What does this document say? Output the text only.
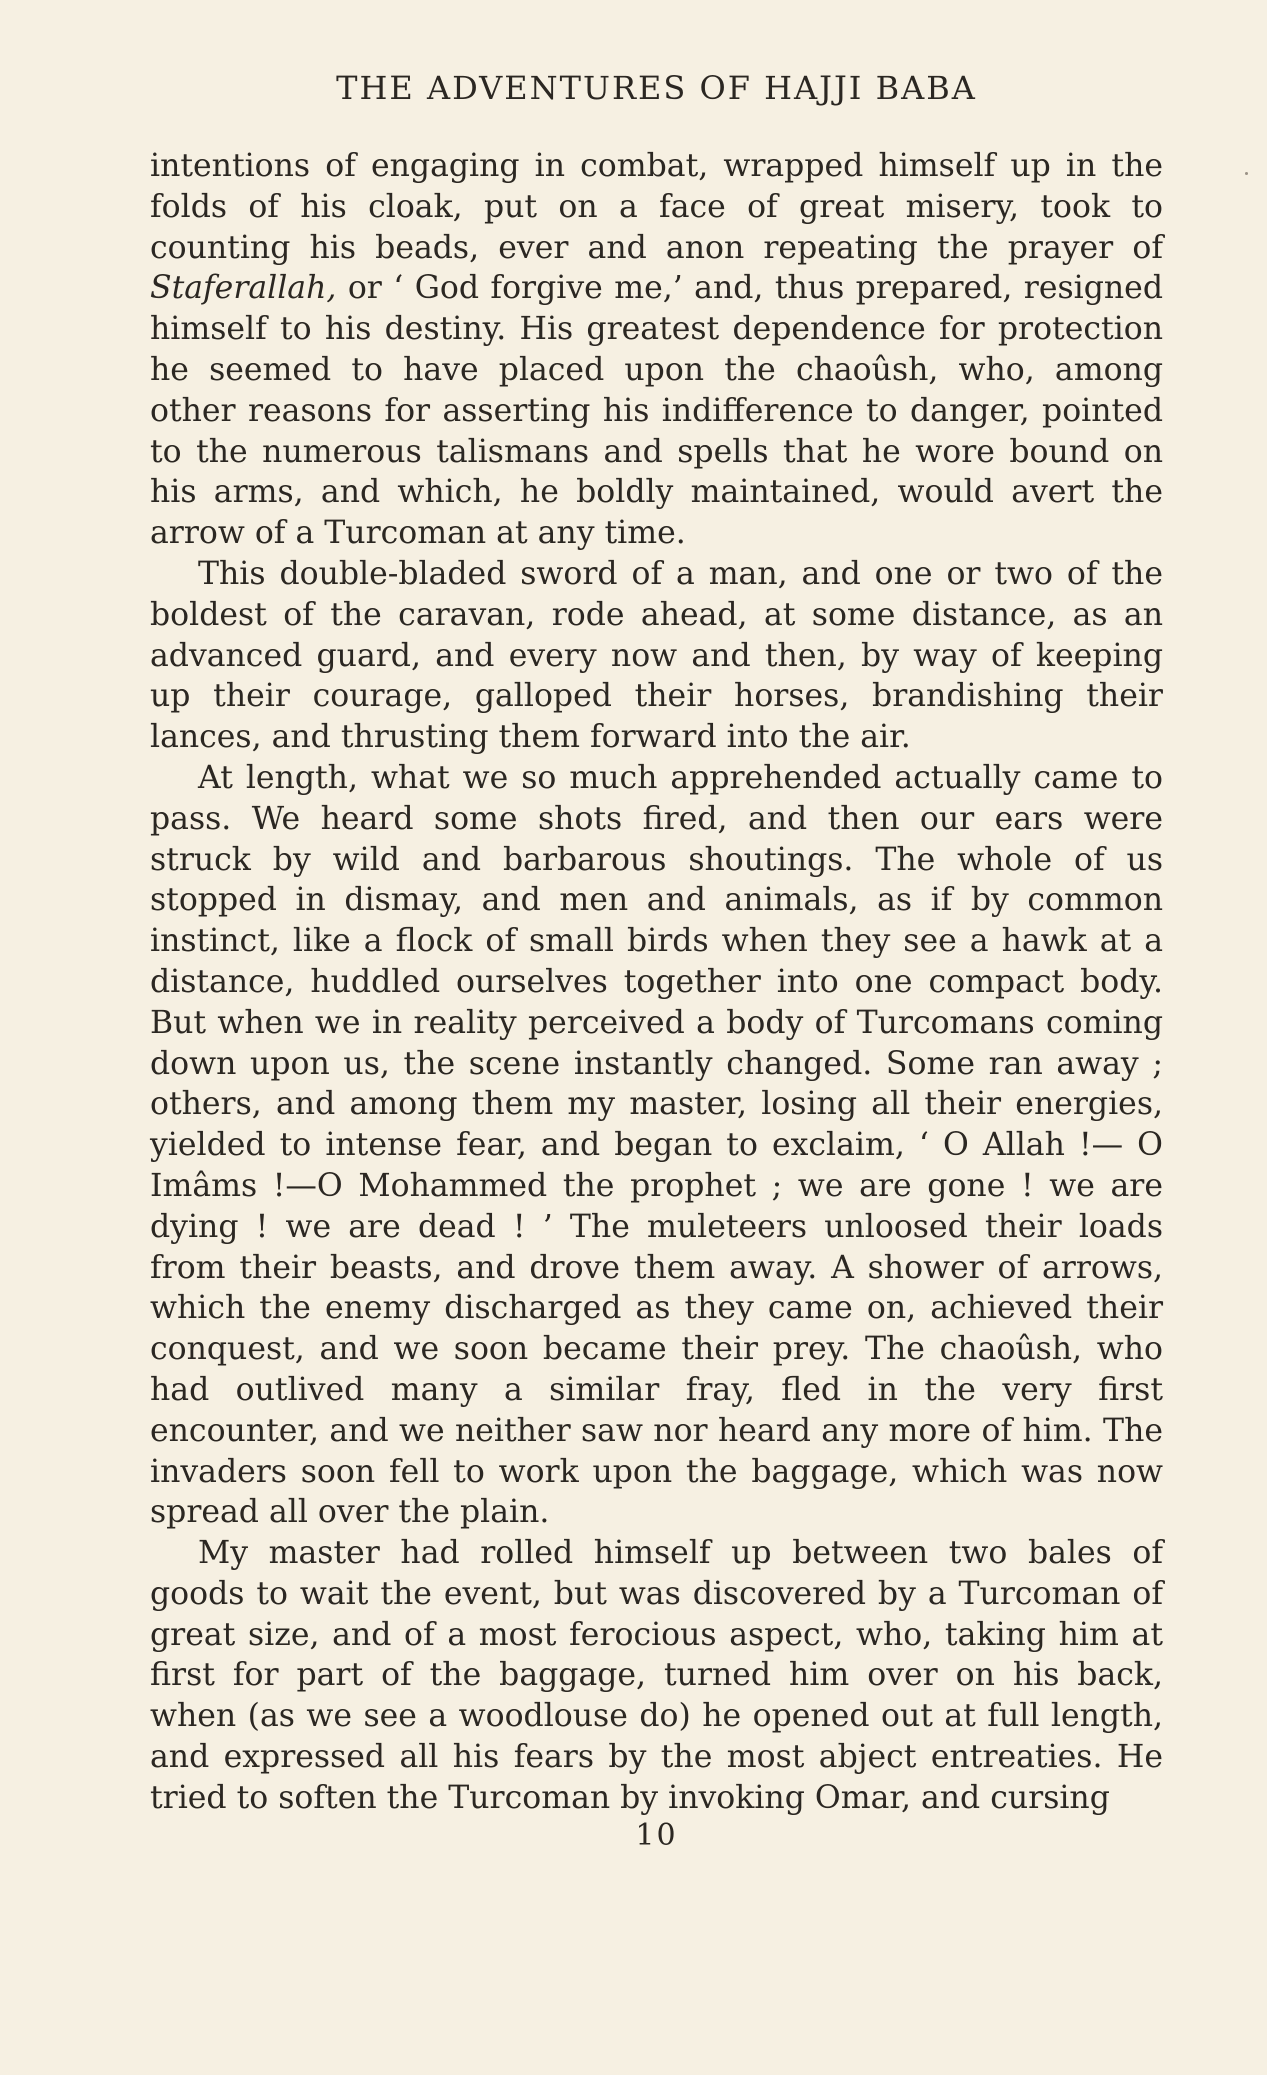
THE ADVENTURES OF HAJJI BABA

intentions of engaging in combat, wrapped himself up in the folds of his cloak, put on a face of great misery, took to counting his beads, ever and anon repeating the prayer of Staferallah, or ‘ God forgive me,’ and, thus prepared, resigned himself to his destiny. His greatest dependence for protection he seemed to have placed upon the chaoûsh, who, among other reasons for asserting his indifference to danger, pointed to the numerous talismans and spells that he wore bound on his arms, and which, he boldly maintained, would avert the arrow of a Turcoman at any time.

This double-bladed sword of a man, and one or two of the boldest of the caravan, rode ahead, at some distance, as an advanced guard, and every now and then, by way of keeping up their courage, galloped their horses, brandishing their lances, and thrusting them forward into the air.

At length, what we so much apprehended actually came to pass. We heard some shots fired, and then our ears were struck by wild and barbarous shoutings. The whole of us stopped in dismay, and men and animals, as if by common instinct, like a flock of small birds when they see a hawk at a distance, huddled ourselves together into one compact body. But when we in reality perceived a body of Turcomans coming down upon us, the scene instantly changed. Some ran away ; others, and among them my master, losing all their energies, yielded to intense fear, and began to exclaim, ‘ O Allah !— O Imâms !—O Mohammed the prophet ; we are gone ! we are dying ! we are dead ! ’ The muleteers unloosed their loads from their beasts, and drove them away. A shower of arrows, which the enemy discharged as they came on, achieved their conquest, and we soon became their prey. The chaoûsh, who had outlived many a similar fray, fled in the very first encounter, and we neither saw nor heard any more of him. The invaders soon fell to work upon the baggage, which was now spread all over the plain.

My master had rolled himself up between two bales of goods to wait the event, but was discovered by a Turcoman of great size, and of a most ferocious aspect, who, taking him at first for part of the baggage, turned him over on his back, when (as we see a woodlouse do) he opened out at full length, and expressed all his fears by the most abject entreaties. He tried to soften the Turcoman by invoking Omar, and cursing

10
